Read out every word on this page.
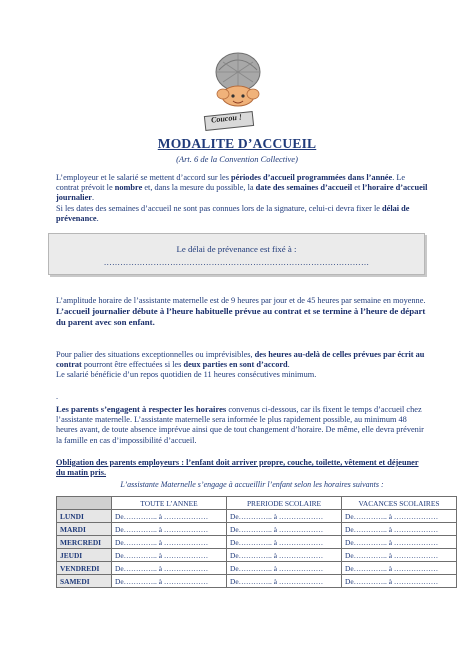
Coucou !
MODALITE D’ACCUEIL
(Art. 6 de la Convention Collective)
L’employeur et le salarié se mettent d’accord sur les périodes d’accueil programmées dans l’année. Le contrat prévoit le nombre et, dans la mesure du possible, la date des semaines d’accueil et l’horaire d’accueil journalier.
Si les dates des semaines d’accueil ne sont pas connues lors de la signature, celui-ci devra fixer le délai de prévenance.
Le délai de prévenance est fixé à :
……………………………………………………………………………………
L’amplitude horaire de l’assistante maternelle est de 9 heures par jour et de 45 heures par semaine en moyenne.
L’accueil journalier débute à l’heure habituelle prévue au contrat et se termine à l’heure de départ du parent avec son enfant.
Pour palier des situations exceptionnelles ou imprévisibles, des heures au-delà de celles prévues par écrit au contrat pourront être effectuées si les deux parties en sont d’accord.
Le salarié bénéficie d’un repos quotidien de 11 heures consécutives minimum.
.
Les parents s’engagent à respecter les horaires convenus ci-dessous, car ils fixent le temps d’accueil chez l’assistante maternelle. L’assistante maternelle sera informée le plus rapidement possible, au minimum 48 heures avant, de toute absence imprévue ainsi que de tout changement d’horaire. De même, elle devra prévenir la famille en cas d’impossibilité d’accueil.
Obligation des parents employeurs : l’enfant doit arriver propre, couche, toilette, vêtement et déjeuner du matin pris.
L’assistante Maternelle s’engage à accueillir l’enfant selon les horaires suivants :
	TOUTE L’ANNEE	PRERIODE SCOLAIRE	VACANCES SCOLAIRES
LUNDI	De………….. à ………………	De………….. à ………………	De………….. à ………………
MARDI	De………….. à ………………	De………….. à ………………	De………….. à ………………
MERCREDI	De………….. à ………………	De………….. à ………………	De………….. à ………………
JEUDI	De………….. à ………………	De………….. à ………………	De………….. à ………………
VENDREDI	De………….. à ………………	De………….. à ………………	De………….. à ………………
SAMEDI	De………….. à ………………	De………….. à ………………	De………….. à ………………
